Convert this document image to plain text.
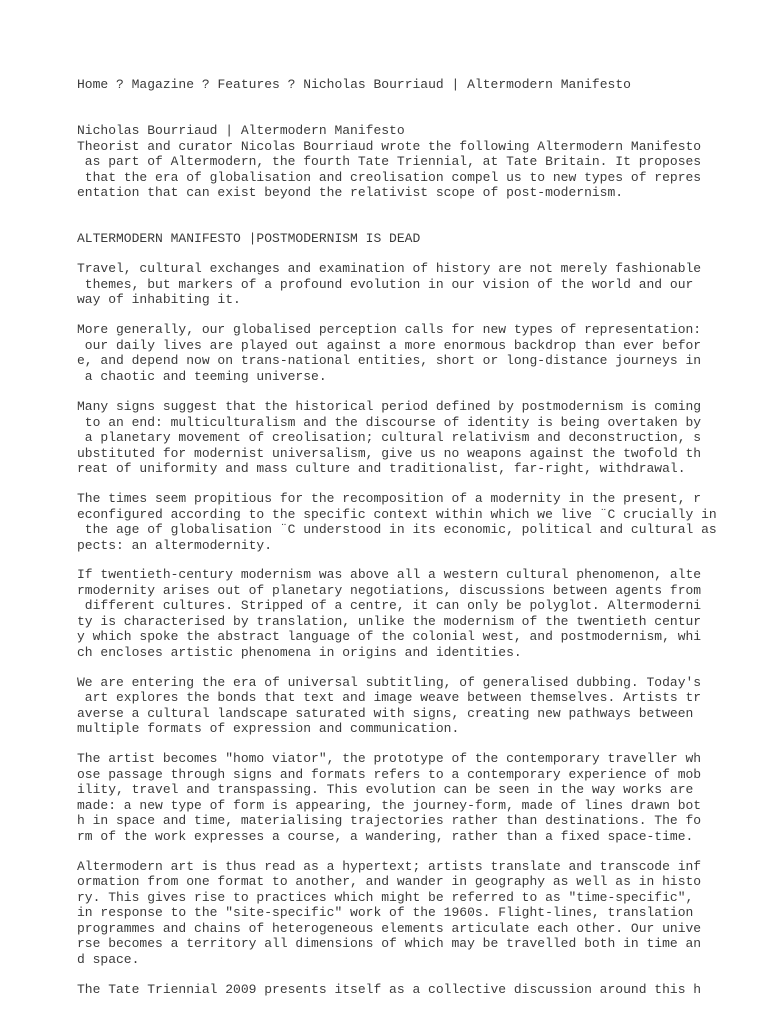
Home ? Magazine ? Features ? Nicholas Bourriaud | Altermodern Manifesto

Nicholas Bourriaud | Altermodern Manifesto

Theorist and curator Nicolas Bourriaud wrote the following Altermodern Manifesto

as part of Altermodern, the fourth Tate Triennial, at Tate Britain. It proposes

that the era of globalisation and creolisation compel us to new types of repres

entation that can exist beyond the relativist scope of post-modernism.

ALTERMODERN MANIFESTO |POSTMODERNISM IS DEAD

Travel, cultural exchanges and examination of history are not merely fashionable

themes, but markers of a profound evolution in our vision of the world and our

way of inhabiting it.

More generally, our globalised perception calls for new types of representation:

our daily lives are played out against a more enormous backdrop than ever befor

e, and depend now on trans-national entities, short or long-distance journeys in

a chaotic and teeming universe.

Many signs suggest that the historical period defined by postmodernism is coming

to an end: multiculturalism and the discourse of identity is being overtaken by

a planetary movement of creolisation; cultural relativism and deconstruction, s

ubstituted for modernist universalism, give us no weapons against the twofold th

reat of uniformity and mass culture and traditionalist, far-right, withdrawal.

The times seem propitious for the recomposition of a modernity in the present, r

econfigured according to the specific context within which we live ¨C crucially in

the age of globalisation ¨C understood in its economic, political and cultural as

pects: an altermodernity.

If twentieth-century modernism was above all a western cultural phenomenon, alte

rmodernity arises out of planetary negotiations, discussions between agents from

different cultures. Stripped of a centre, it can only be polyglot. Altermoderni

ty is characterised by translation, unlike the modernism of the twentieth centur

y which spoke the abstract language of the colonial west, and postmodernism, whi

ch encloses artistic phenomena in origins and identities.

We are entering the era of universal subtitling, of generalised dubbing. Today's

art explores the bonds that text and image weave between themselves. Artists tr

averse a cultural landscape saturated with signs, creating new pathways between

multiple formats of expression and communication.

The artist becomes "homo viator", the prototype of the contemporary traveller wh

ose passage through signs and formats refers to a contemporary experience of mob

ility, travel and transpassing. This evolution can be seen in the way works are

made: a new type of form is appearing, the journey-form, made of lines drawn bot

h in space and time, materialising trajectories rather than destinations. The fo

rm of the work expresses a course, a wandering, rather than a fixed space-time.

Altermodern art is thus read as a hypertext; artists translate and transcode inf

ormation from one format to another, and wander in geography as well as in histo

ry. This gives rise to practices which might be referred to as "time-specific",

in response to the "site-specific" work of the 1960s. Flight-lines, translation

programmes and chains of heterogeneous elements articulate each other. Our unive

rse becomes a territory all dimensions of which may be travelled both in time an

d space.

The Tate Triennial 2009 presents itself as a collective discussion around this h
